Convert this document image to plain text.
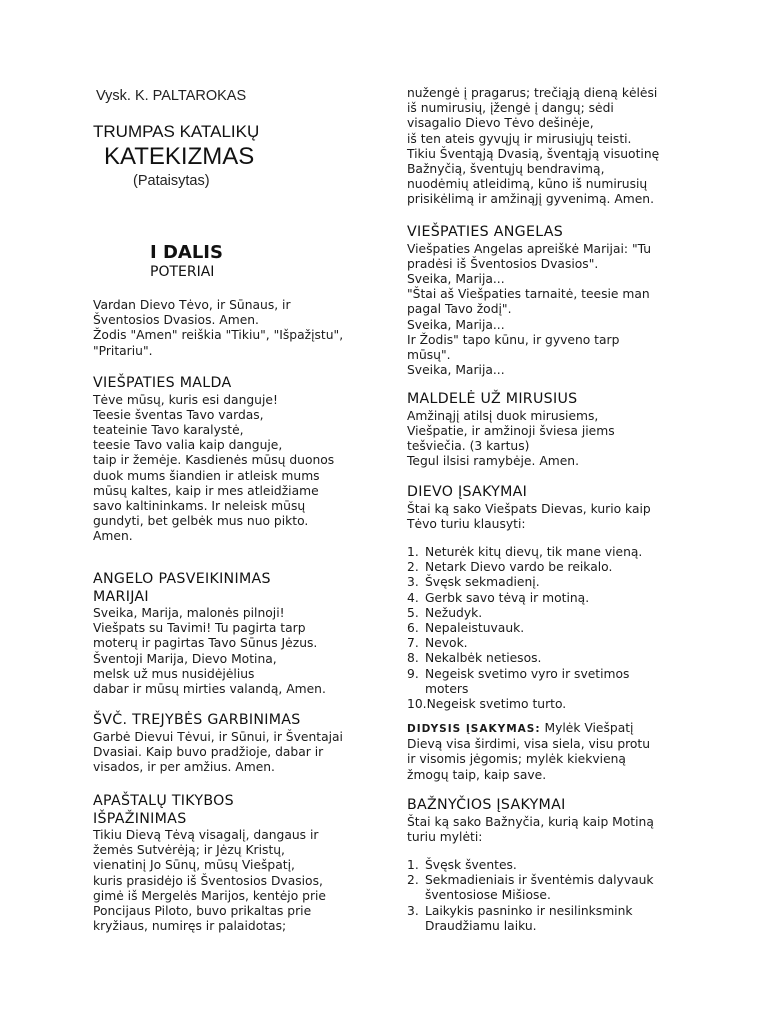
Vysk. K. PALTAROKAS
TRUMPAS KATALIKŲ
KATEKIZMAS
(Pataisytas)
I DALIS
POTERIAI
Vardan Dievo Tėvo, ir Sūnaus, ir
Šventosios Dvasios. Amen.
Žodis "Amen" reiškia "Tikiu", "Išpažįstu",
"Pritariu".
VIEŠPATIES MALDA
Tėve mūsų, kuris esi danguje!
Teesie šventas Tavo vardas,
teateinie Tavo karalystė,
teesie Tavo valia kaip danguje,
taip ir žemėje. Kasdienės mūsų duonos
duok mums šiandien ir atleisk mums
mūsų kaltes, kaip ir mes atleidžiame
savo kaltininkams. Ir neleisk mūsų
gundyti, bet gelbėk mus nuo pikto.
Amen.
ANGELO PASVEIKINIMAS
MARIJAI
Sveika, Marija, malonės pilnoji!
Viešpats su Tavimi! Tu pagirta tarp
moterų ir pagirtas Tavo Sūnus Jėzus.
Šventoji Marija, Dievo Motina,
melsk už mus nusidėjėlius
dabar ir mūsų mirties valandą, Amen.
ŠVČ. TREJYBĖS GARBINIMAS
Garbė Dievui Tėvui, ir Sūnui, ir Šventajai
Dvasiai. Kaip buvo pradžioje, dabar ir
visados, ir per amžius. Amen.
APAŠTALŲ TIKYBOS
IŠPAŽINIMAS
Tikiu Dievą Tėvą visagalį, dangaus ir
žemės Sutvėrėją; ir Jėzų Kristų,
vienatinį Jo Sūnų, mūsų Viešpatį,
kuris prasidėjo iš Šventosios Dvasios,
gimė iš Mergelės Marijos, kentėjo prie
Poncijaus Piloto, buvo prikaltas prie
kryžiaus, numiręs ir palaidotas;
nužengė į pragarus; trečiąją dieną kėlėsi
iš numirusių, įžengė į dangų; sėdi
visagalio Dievo Tėvo dešinėje,
iš ten ateis gyvųjų ir mirusiųjų teisti.
Tikiu Šventąją Dvasią, šventąją visuotinę
Bažnyčią, šventųjų bendravimą,
nuodėmių atleidimą, kūno iš numirusių
prisikėlimą ir amžinąjį gyvenimą. Amen.
VIEŠPATIES ANGELAS
Viešpaties Angelas apreiškė Marijai: "Tu
pradėsi iš Šventosios Dvasios".
Sveika, Marija...
"Štai aš Viešpaties tarnaitė, teesie man
pagal Tavo žodį".
Sveika, Marija...
Ir Žodis" tapo kūnu, ir gyveno tarp
mūsų".
Sveika, Marija...
MALDELĖ UŽ MIRUSIUS
Amžinąjį atilsį duok mirusiems,
Viešpatie, ir amžinoji šviesa jiems
tešviečia. (3 kartus)
Tegul ilsisi ramybėje. Amen.
DIEVO ĮSAKYMAI
Štai ką sako Viešpats Dievas, kurio kaip
Tėvo turiu klausyti:
1. Neturėk kitų dievų, tik mane vieną.
2. Netark Dievo vardo be reikalo.
3. Švęsk sekmadienį.
4. Gerbk savo tėvą ir motiną.
5. Nežudyk.
6. Nepaleistuvauk.
7. Nevok.
8. Nekalbėk netiesos.
9. Negeisk svetimo vyro ir svetimos
moters
10.Negeisk svetimo turto.
DIDYSIS ĮSAKYMAS: Mylėk Viešpatį
Dievą visa širdimi, visa siela, visu protu
ir visomis jėgomis; mylėk kiekvieną
žmogų taip, kaip save.
BAŽNYČIOS ĮSAKYMAI
Štai ką sako Bažnyčia, kurią kaip Motiną
turiu mylėti:
1. Švęsk šventes.
2. Sekmadieniais ir šventėmis dalyvauk
šventosiose Mišiose.
3. Laikykis pasninko ir nesilinksmink
Draudžiamu laiku.
